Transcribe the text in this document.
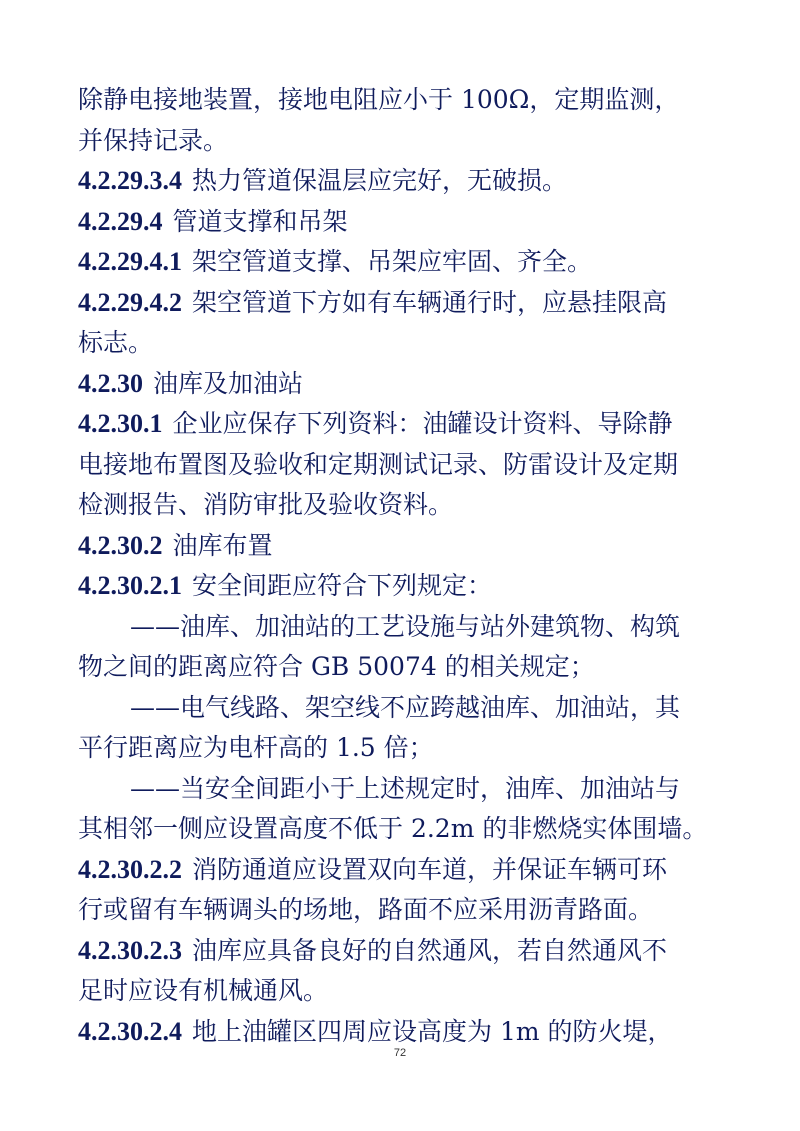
除静电接地装置，接地电阻应小于 100Ω，定期监测，
并保持记录。
4.2.29.3.4 热力管道保温层应完好，无破损。
4.2.29.4 管道支撑和吊架
4.2.29.4.1 架空管道支撑、吊架应牢固、齐全。
4.2.29.4.2 架空管道下方如有车辆通行时，应悬挂限高
标志。
4.2.30 油库及加油站
4.2.30.1 企业应保存下列资料：油罐设计资料、导除静
电接地布置图及验收和定期测试记录、防雷设计及定期
检测报告、消防审批及验收资料。
4.2.30.2 油库布置
4.2.30.2.1 安全间距应符合下列规定：
——油库、加油站的工艺设施与站外建筑物、构筑
物之间的距离应符合 GB 50074 的相关规定；
——电气线路、架空线不应跨越油库、加油站，其
平行距离应为电杆高的 1.5 倍；
——当安全间距小于上述规定时，油库、加油站与
其相邻一侧应设置高度不低于 2.2m 的非燃烧实体围墙。
4.2.30.2.2 消防通道应设置双向车道，并保证车辆可环
行或留有车辆调头的场地，路面不应采用沥青路面。
4.2.30.2.3 油库应具备良好的自然通风，若自然通风不
足时应设有机械通风。
4.2.30.2.4 地上油罐区四周应设高度为 1m 的防火堤，
72
